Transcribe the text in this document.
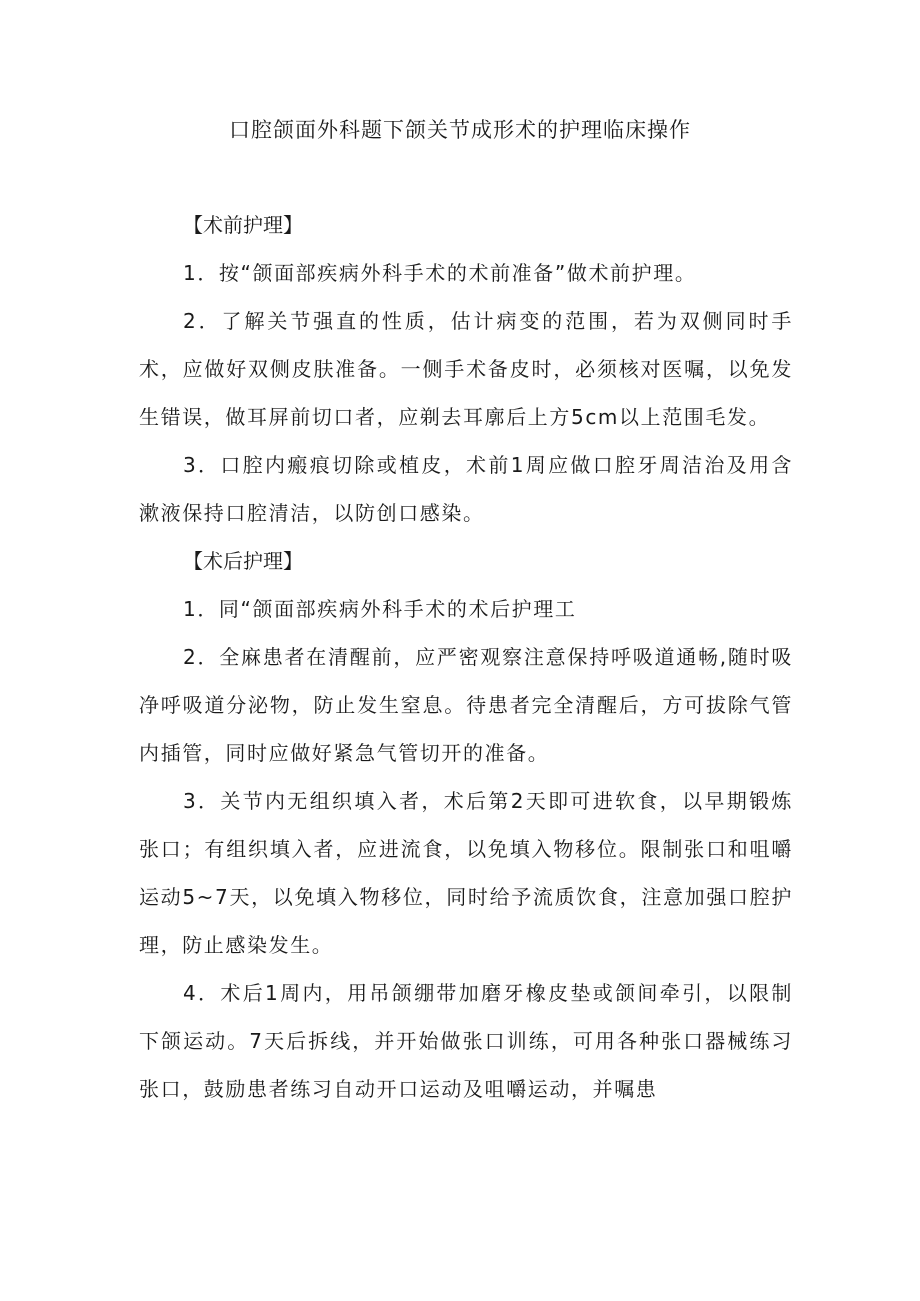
口腔颌面外科题下颌关节成形术的护理临床操作

【术前护理】

1．按“颌面部疾病外科手术的术前准备”做术前护理。

2．了解关节强直的性质，估计病变的范围，若为双侧同时手术，应做好双侧皮肤准备。一侧手术备皮时，必须核对医嘱，以免发生错误，做耳屏前切口者，应剃去耳廓后上方5cm以上范围毛发。

3．口腔内瘢痕切除或植皮，术前1周应做口腔牙周洁治及用含漱液保持口腔清洁，以防创口感染。

【术后护理】

1．同“颌面部疾病外科手术的术后护理工

2．全麻患者在清醒前，应严密观察注意保持呼吸道通畅,随时吸净呼吸道分泌物，防止发生窒息。待患者完全清醒后，方可拔除气管内插管，同时应做好紧急气管切开的准备。

3．关节内无组织填入者，术后第2天即可进软食，以早期锻炼张口；有组织填入者，应进流食，以免填入物移位。限制张口和咀嚼运动5~7天，以免填入物移位，同时给予流质饮食，注意加强口腔护理，防止感染发生。

4．术后1周内，用吊颌绷带加磨牙橡皮垫或颌间牵引，以限制下颌运动。7天后拆线，并开始做张口训练，可用各种张口器械练习张口，鼓励患者练习自动开口运动及咀嚼运动，并嘱患
